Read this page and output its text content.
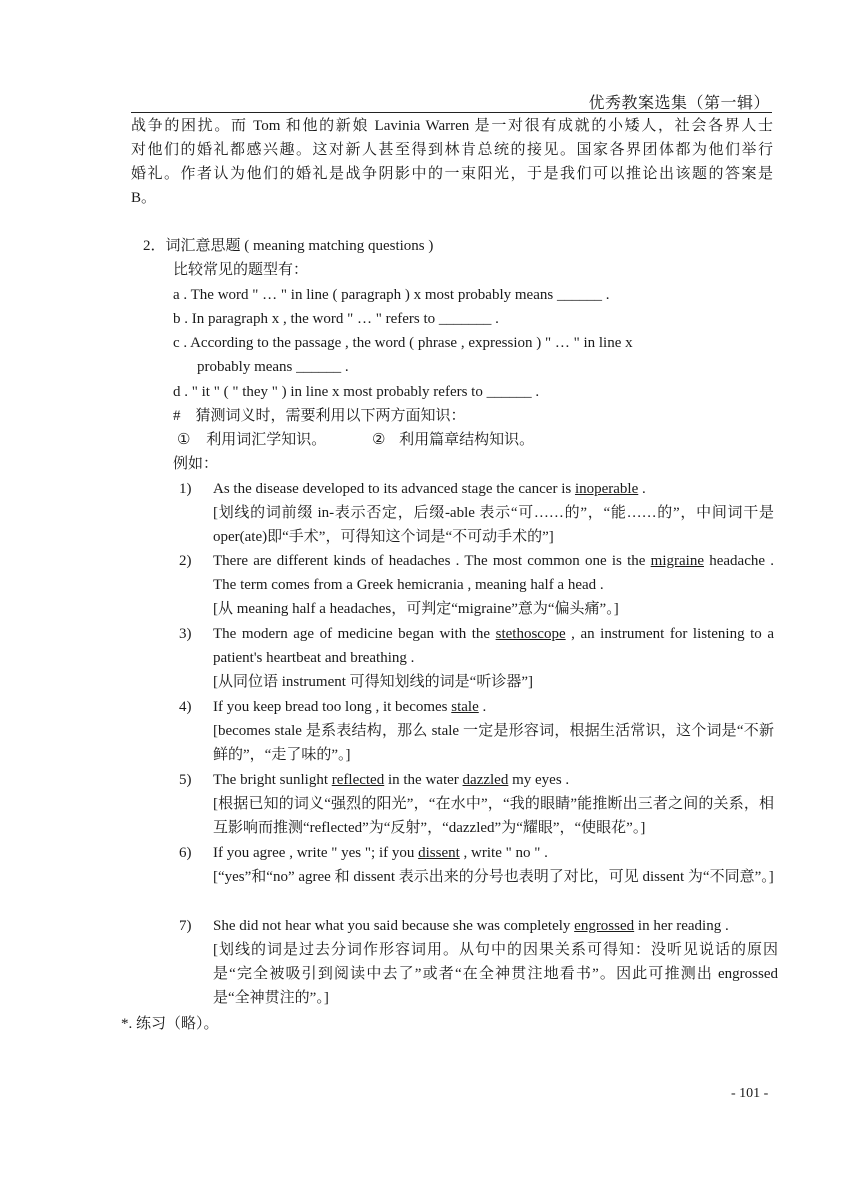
优秀教案选集（第一辑）

战争的困扰。而 Tom 和他的新娘 Lavinia Warren 是一对很有成就的小矮人，社会各界人士

对他们的婚礼都感兴趣。这对新人甚至得到林肯总统的接见。国家各界团体都为他们举行

婚礼。作者认为他们的婚礼是战争阴影中的一束阳光，于是我们可以推论出该题的答案是

B。

2．词汇意思题 ( meaning matching questions )
比较常见的题型有：
a . The word " … " in line ( paragraph ) x most probably means ______ .
b . In paragraph x , the word " … " refers to _______ .
c . According to the passage , the word ( phrase , expression ) " … " in line x
probably means ______ .
d . " it " ( " they " ) in line x most probably refers to ______ .
#　猜测词义时，需要利用以下两方面知识：
① 利用词汇学知识。	② 利用篇章结构知识。
例如：
1) As the disease developed to its advanced stage the cancer is inoperable .
[划线的词前缀 in-表示否定，后缀-able 表示“可……的”，“能……的”，中间词干是 oper(ate)即“手术”，可得知这个词是“不可动手术的”]
2) There are different kinds of headaches . The most common one is the migraine headache . The term comes from a Greek hemicrania , meaning half a head .
[从 meaning half a headaches，可判定“migraine”意为“偏头痛”。]
3) The modern age of medicine began with the stethoscope , an instrument for listening to a patient's heartbeat and breathing .
[从同位语 instrument 可得知划线的词是“听诊器”]
4) If you keep bread too long , it becomes stale .
[becomes stale 是系表结构，那么 stale 一定是形容词，根据生活常识，这个词是“不新鲜的”，“走了味的”。]
5) The bright sunlight reflected in the water dazzled my eyes .
[根据已知的词义“强烈的阳光”，“在水中”，“我的眼睛”能推断出三者之间的关系，相互影响而推测“reflected”为“反射”，“dazzled”为“耀眼”，“使眼花”。]
6) If you agree , write " yes "; if you dissent , write " no " .
[“yes”和“no” agree 和 dissent 表示出来的分号也表明了对比，可见 dissent 为“不同意”。]
7) She did not hear what you said because she was completely engrossed in her reading .
[划线的词是过去分词作形容词用。从句中的因果关系可得知：没听见说话的原因是“完全被吸引到阅读中去了”或者“在全神贯注地看书”。因此可推测出 engrossed 是“全神贯注的”。]
*. 练习（略）。
- 101 -
